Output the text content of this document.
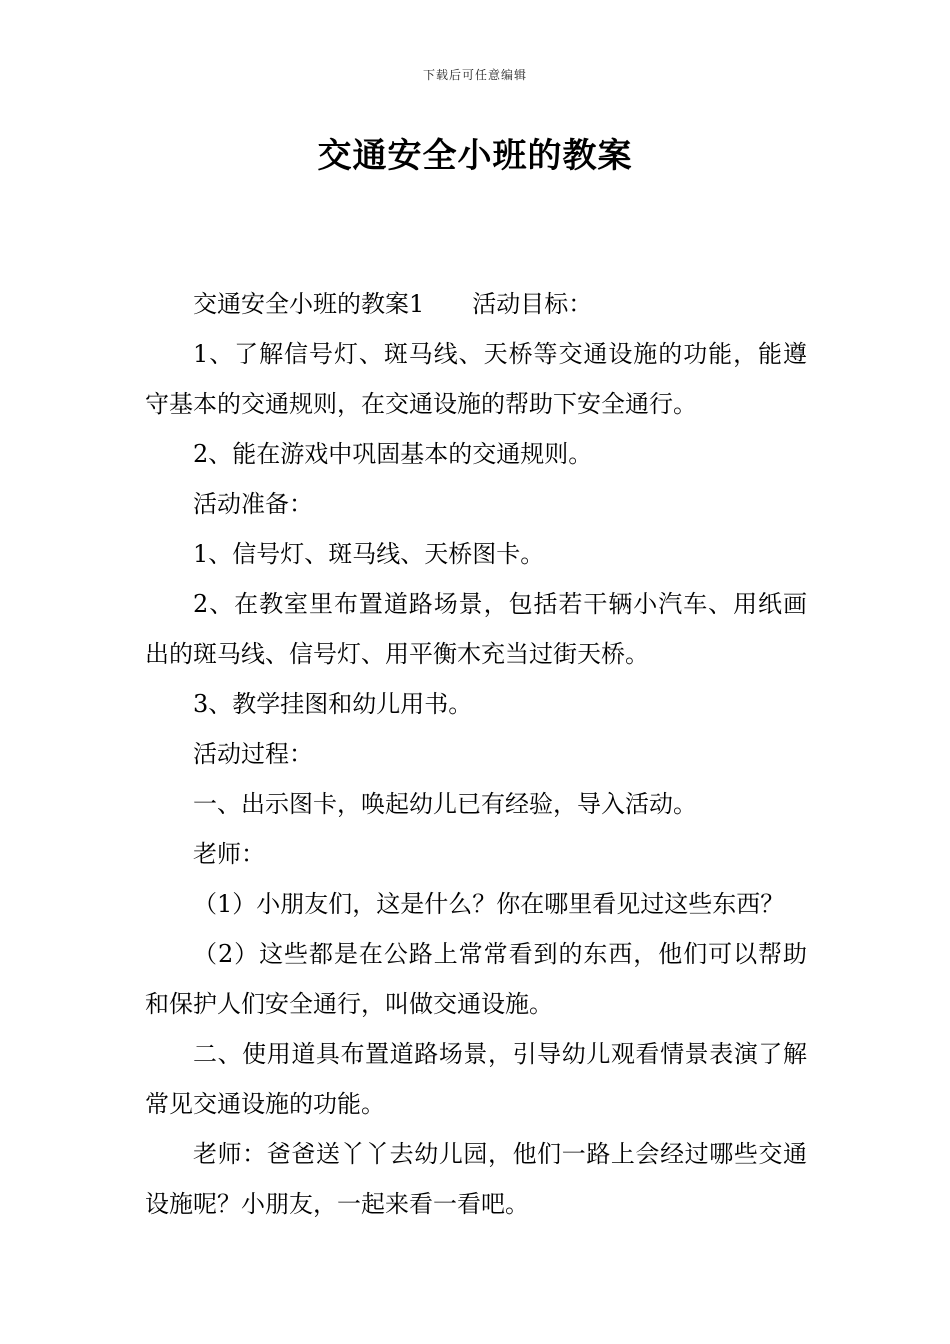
下载后可任意编辑
交通安全小班的教案

交通安全小班的教案1　　活动目标：

1、了解信号灯、斑马线、天桥等交通设施的功能，能遵守基本的交通规则，在交通设施的帮助下安全通行。

2、能在游戏中巩固基本的交通规则。

活动准备：

1、信号灯、斑马线、天桥图卡。

2、在教室里布置道路场景，包括若干辆小汽车、用纸画出的斑马线、信号灯、用平衡木充当过街天桥。

3、教学挂图和幼儿用书。

活动过程：

一、出示图卡，唤起幼儿已有经验，导入活动。

老师：

（1）小朋友们，这是什么？你在哪里看见过这些东西？

（2）这些都是在公路上常常看到的东西，他们可以帮助和保护人们安全通行，叫做交通设施。

二、使用道具布置道路场景，引导幼儿观看情景表演了解常见交通设施的功能。

老师：爸爸送丫丫去幼儿园，他们一路上会经过哪些交通设施呢？小朋友，一起来看一看吧。
